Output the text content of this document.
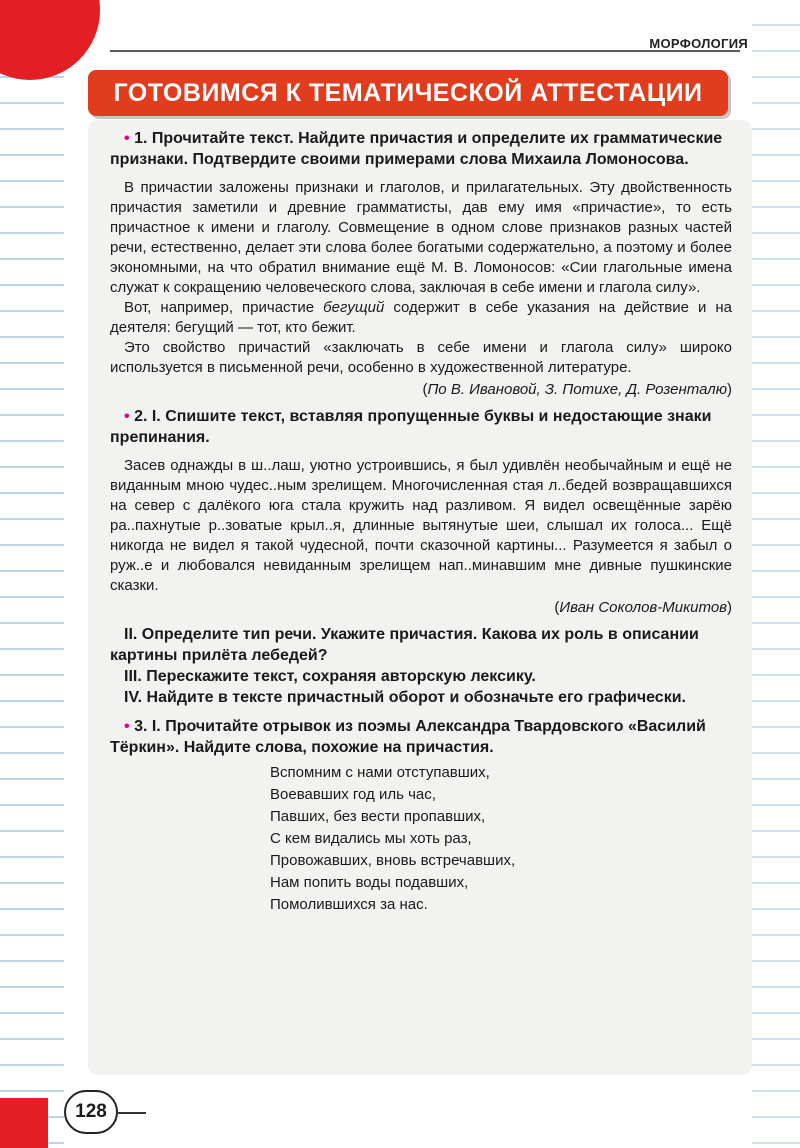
МОРФОЛОГИЯ
ГОТОВИМСЯ К ТЕМАТИЧЕСКОЙ АТТЕСТАЦИИ

• 1. Прочитайте текст. Найдите причастия и определите их грамматические признаки. Подтвердите своими примерами слова Михаила Ломоносова.

В причастии заложены признаки и глаголов, и прилагательных. Эту двойственность причастия заметили и древние грамматисты, дав ему имя «причастие», то есть причастное к имени и глаголу. Совмещение в одном слове признаков разных частей речи, естественно, делает эти слова более богатыми содержательно, а поэтому и более экономными, на что обратил внимание ещё М. В. Ломоносов: «Сии глагольные имена служат к сокращению человеческого слова, заключая в себе имени и глагола силу».

Вот, например, причастие бегущий содержит в себе указания на действие и на деятеля: бегущий — тот, кто бежит.

Это свойство причастий «заключать в себе имени и глагола силу» широко используется в письменной речи, особенно в художественной литературе.

(По В. Ивановой, З. Потихе, Д. Розенталю)

• 2. I. Спишите текст, вставляя пропущенные буквы и недостающие знаки препинания.

Засев однажды в ш..лаш, уютно устроившись, я был удивлён необычайным и ещё не виданным мною чудес..ным зрелищем. Многочисленная стая л..бедей возвращавшихся на север с далёкого юга стала кружить над разливом. Я видел освещённые зарёю ра..пахнутые р..зоватые крыл..я, длинные вытянутые шеи, слышал их голоса... Ещё никогда не видел я такой чудесной, почти сказочной картины... Разумеется я забыл о руж..е и любовался невиданным зрелищем нап..минавшим мне дивные пушкинские сказки.

(Иван Соколов-Микитов)

II. Определите тип речи. Укажите причастия. Какова их роль в описании картины прилёта лебедей?

III. Перескажите текст, сохраняя авторскую лексику.

IV. Найдите в тексте причастный оборот и обозначьте его графически.

• 3. I. Прочитайте отрывок из поэмы Александра Твардовского «Василий Тёркин». Найдите слова, похожие на причастия.

Вспомним с нами отступавших,
Воевавших год иль час,
Павших, без вести пропавших,
С кем видались мы хоть раз,
Провожавших, вновь встречавших,
Нам попить воды подавших,
Помолившихся за нас.
128
